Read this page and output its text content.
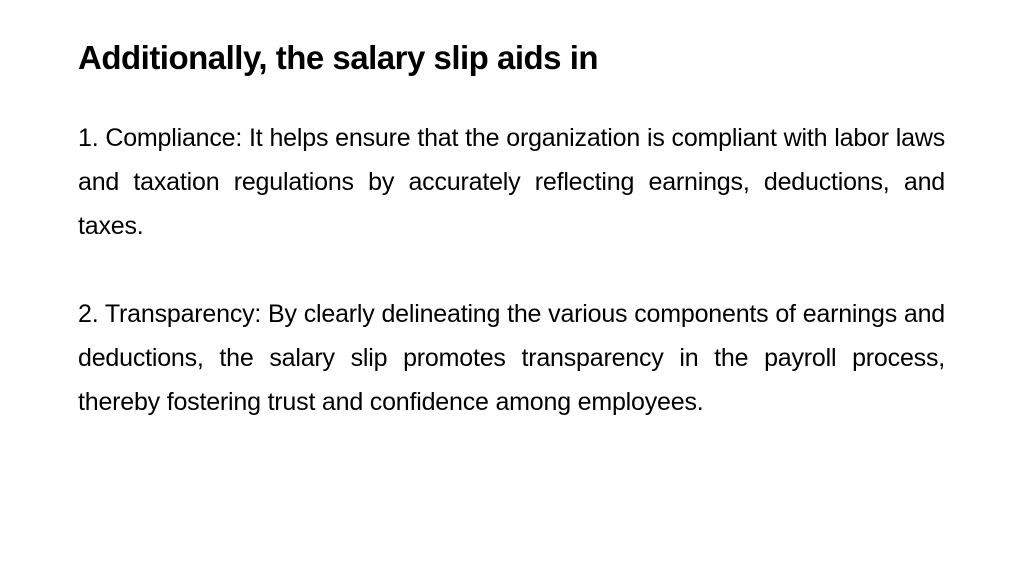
Additionally, the salary slip aids in

1. Compliance: It helps ensure that the organization is compliant with labor laws and taxation regulations by accurately reflecting earnings, deductions, and taxes.

2. Transparency: By clearly delineating the various components of earnings and deductions, the salary slip promotes transparency in the payroll process, thereby fostering trust and confidence among employees.
